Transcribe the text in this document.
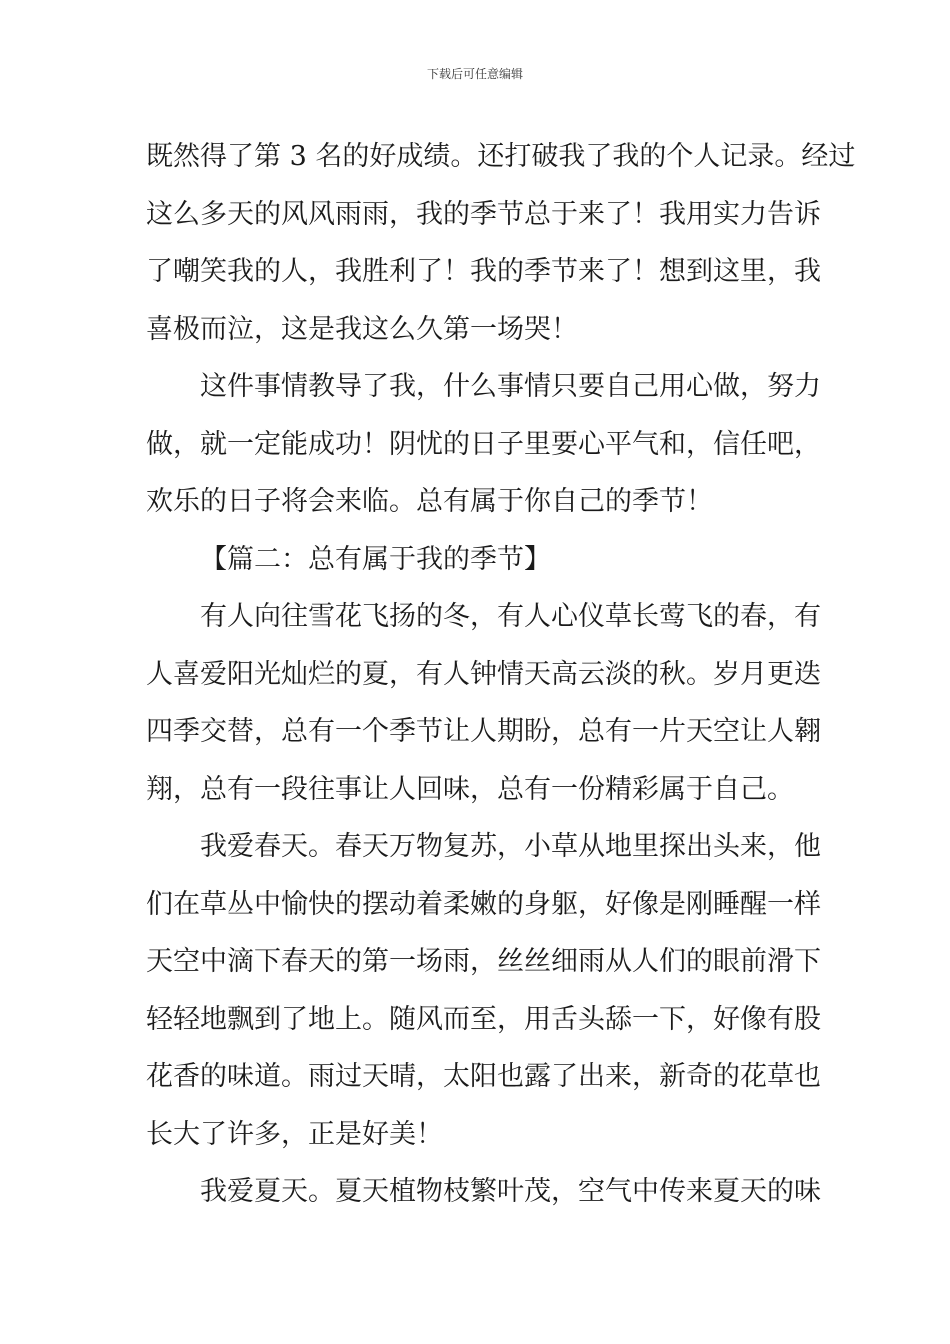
下载后可任意编辑
既然得了第 3 名的好成绩。还打破我了我的个人记录。经过
这么多天的风风雨雨，我的季节总于来了！我用实力告诉
了嘲笑我的人，我胜利了！我的季节来了！想到这里，我
喜极而泣，这是我这么久第一场哭！
这件事情教导了我，什么事情只要自己用心做，努力
做，就一定能成功！阴忧的日子里要心平气和，信任吧，
欢乐的日子将会来临。总有属于你自己的季节！
【篇二：总有属于我的季节】
有人向往雪花飞扬的冬，有人心仪草长莺飞的春，有
人喜爱阳光灿烂的夏，有人钟情天高云淡的秋。岁月更迭
四季交替，总有一个季节让人期盼，总有一片天空让人翱
翔，总有一段往事让人回味，总有一份精彩属于自己。
我爱春天。春天万物复苏，小草从地里探出头来，他
们在草丛中愉快的摆动着柔嫩的身躯，好像是刚睡醒一样
天空中滴下春天的第一场雨，丝丝细雨从人们的眼前滑下
轻轻地飘到了地上。随风而至，用舌头舔一下，好像有股
花香的味道。雨过天晴，太阳也露了出来，新奇的花草也
长大了许多，正是好美！
我爱夏天。夏天植物枝繁叶茂，空气中传来夏天的味
